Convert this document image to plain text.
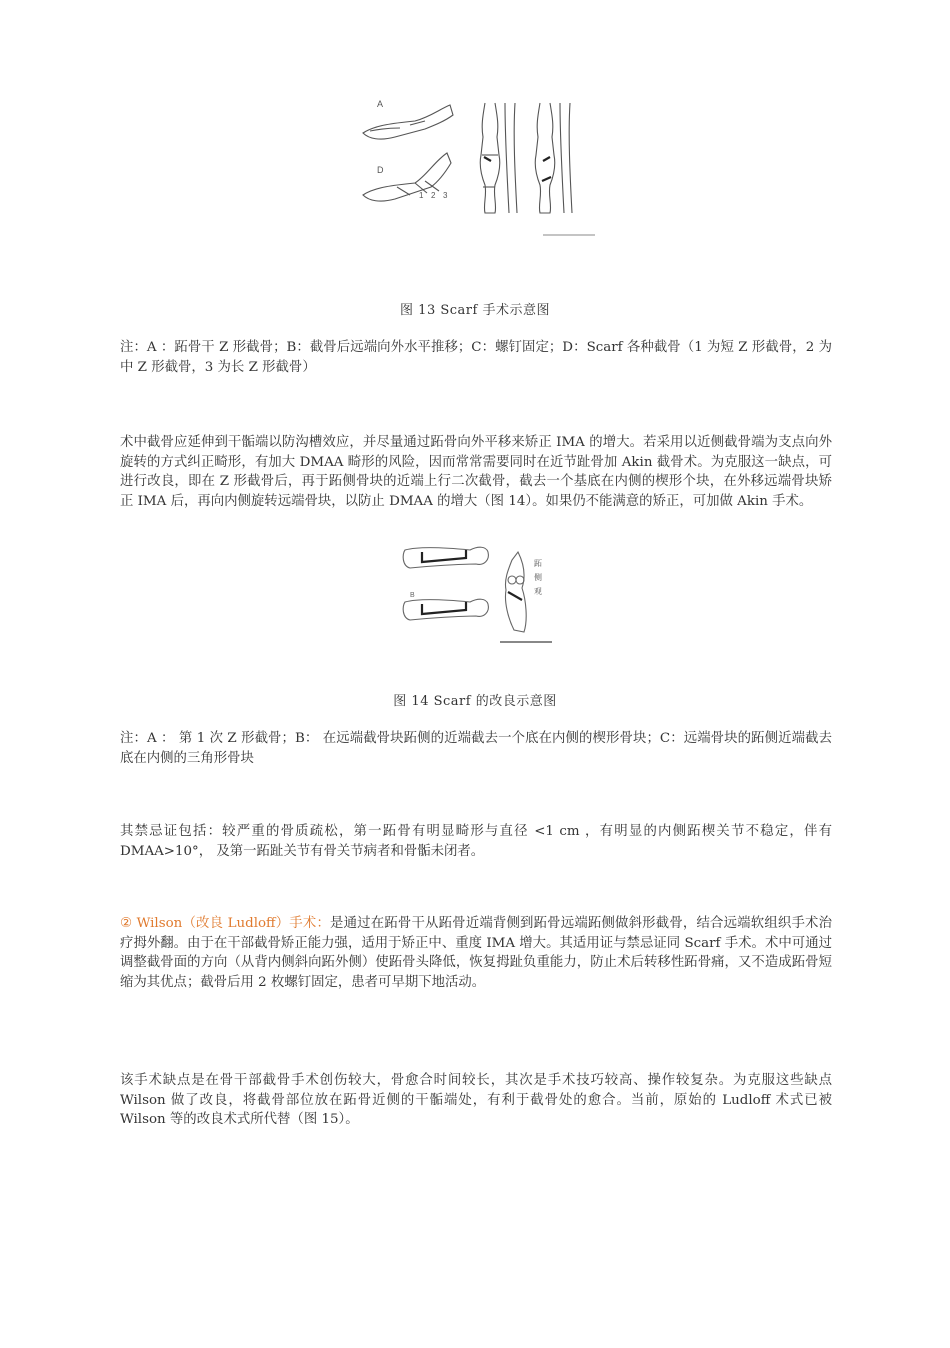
A
D
1 2 3
图 13 Scarf 手术示意图

注：A ：跖骨干 Z 形截骨；B：截骨后远端向外水平推移；C：螺钉固定；D：Scarf 各种截骨（1 为短 Z 形截骨，2 为中 Z 形截骨，3 为长 Z 形截骨）

术中截骨应延伸到干骺端以防沟槽效应，并尽量通过跖骨向外平移来矫正 IMA 的增大。若采用以近侧截骨端为支点向外旋转的方式纠正畸形，有加大 DMAA 畸形的风险，因而常常需要同时在近节趾骨加 Akin 截骨术。为克服这一缺点，可进行改良，即在 Z 形截骨后，再于跖侧骨块的近端上行二次截骨，截去一个基底在内侧的楔形个块，在外移远端骨块矫正 IMA 后，再向内侧旋转远端骨块，以防止 DMAA 的增大（图 14）。如果仍不能满意的矫正，可加做 Akin 手术。

B
跖
侧
观
图 14 Scarf 的改良示意图

注：A ： 第 1 次 Z 形截骨；B： 在远端截骨块跖侧的近端截去一个底在内侧的楔形骨块；C：远端骨块的跖侧近端截去底在内侧的三角形骨块

其禁忌证包括：较严重的骨质疏松，第一跖骨有明显畸形与直径 <1 cm ，有明显的内侧跖楔关节不稳定，伴有 DMAA>10°， 及第一跖趾关节有骨关节病者和骨骺未闭者。

② Wilson（改良 Ludloff）手术：是通过在跖骨干从跖骨近端背侧到跖骨远端跖侧做斜形截骨，结合远端软组织手术治疗拇外翻。由于在干部截骨矫正能力强，适用于矫正中、重度 IMA 增大。其适用证与禁忌证同 Scarf 手术。术中可通过调整截骨面的方向（从背内侧斜向跖外侧）使跖骨头降低，恢复拇趾负重能力，防止术后转移性跖骨痛，又不造成跖骨短缩为其优点；截骨后用 2 枚螺钉固定，患者可早期下地活动。

该手术缺点是在骨干部截骨手术创伤较大，骨愈合时间较长，其次是手术技巧较高、操作较复杂。为克服这些缺点 Wilson 做了改良，将截骨部位放在跖骨近侧的干骺端处，有利于截骨处的愈合。当前，原始的 Ludloff 术式已被 Wilson 等的改良术式所代替（图 15）。
